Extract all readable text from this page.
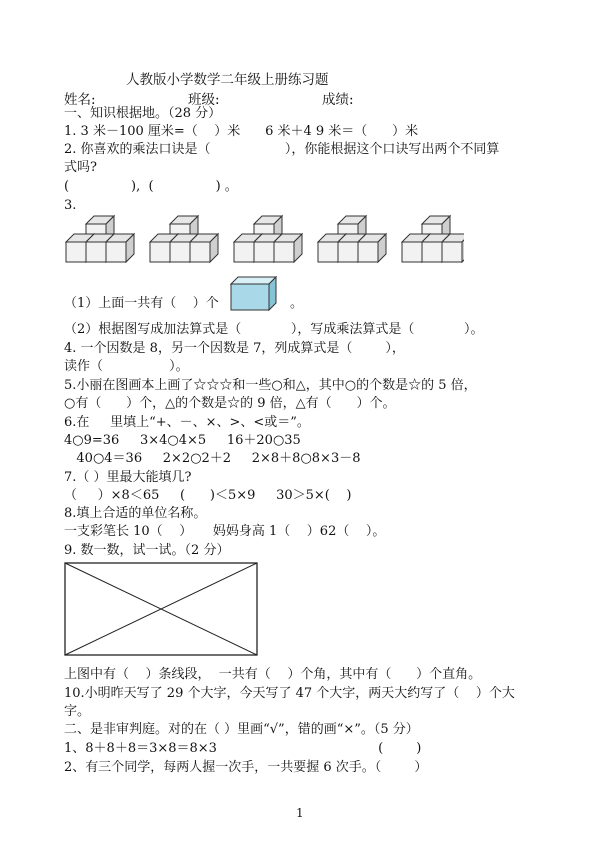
人教版小学数学二年级上册练习题
姓名:	班级:	成绩:
一、知识根据地。（28 分）
1. 3 米－100 厘米=（    ）米      6 米＋4 9 米＝（      ）米
2. 你喜欢的乘法口诀是（                  ），你能根据这个口诀写出两个不同算
式吗?
(               ),  (               ) 。
3.
（1）上面一共有（    ）个	。
（2）根据图写成加法算式是（            ），写成乘法算式是（            ）。
4. 一个因数是 8，另一个因数是 7，列成算式是（        ），
读作（                ）。
5.小丽在图画本上画了☆☆☆和一些○和△，其中○的个数是☆的 5 倍，
○有（      ）个，△的个数是☆的 9 倍，△有（      ）个。
6.在     里填上“+、－、×、>、<或＝”。
4○9=36     3×4○4×5     16＋20○35
40○4＝36     2×2○2＋2     2×8＋8○8×3－8
7.（ ）里最大能填几?
（     ）×8＜65     (      )＜5×9     30＞5×(    )
8.填上合适的单位名称。
一支彩笔长 10（    ）     妈妈身高 1（    ）62（    ）。
9. 数一数，试一试。（2 分）
上图中有（    ）条线段，  一共有（    ）个角，其中有（      ）个直角。
10.小明昨天写了 29 个大字，今天写了 47 个大字，两天大约写了（    ）个大
字。
二、是非审判庭。对的在（ ）里画“√”，错的画“×”。（5 分）
1、8＋8＋8＝3×8＝8×3                                       (        )
2、有三个同学，每两人握一次手，一共要握 6 次手。（        ）
1
